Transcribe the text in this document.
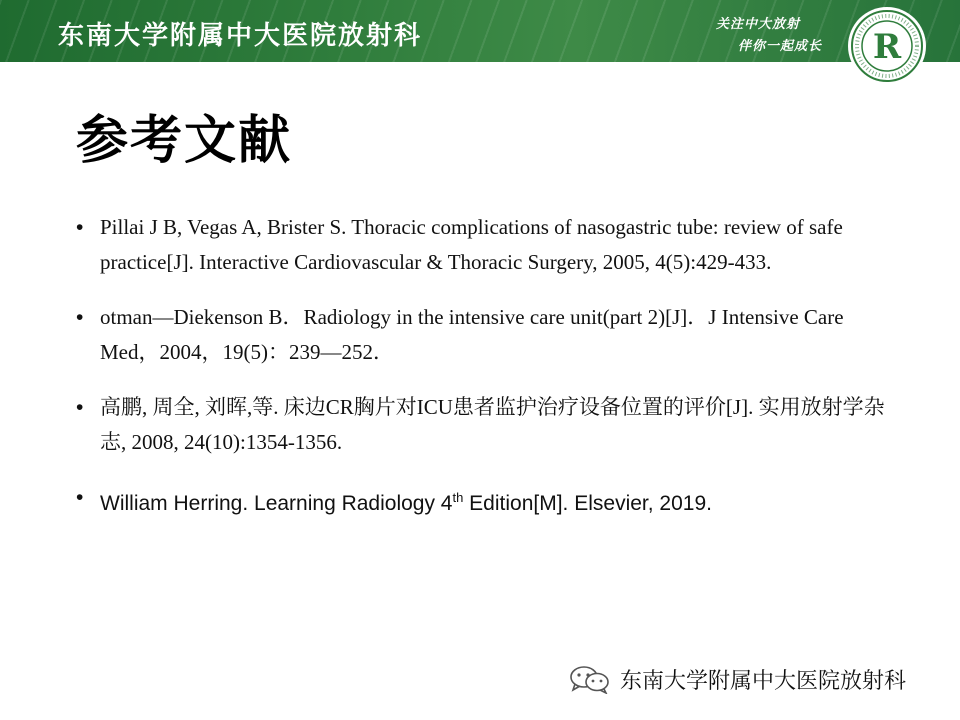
东南大学附属中大医院放射科	关注中大放射
伴你一起成长 R
参考文献
• Pillai J B, Vegas A, Brister S. Thoracic complications of nasogastric tube: review of safe practice[J]. Interactive Cardiovascular & Thoracic Surgery, 2005, 4(5):429-433.
• otman—Diekenson B．Radiology in the intensive care unit(part 2)[J]．J Intensive Care Med，2004，19(5)：239—252．
• 高鹏, 周全, 刘晖,等. 床边CR胸片对ICU患者监护治疗设备位置的评价[J]. 实用放射学杂志, 2008, 24(10):1354-1356.
• William Herring. Learning Radiology 4th Edition[M]. Elsevier, 2019.
东南大学附属中大医院放射科
